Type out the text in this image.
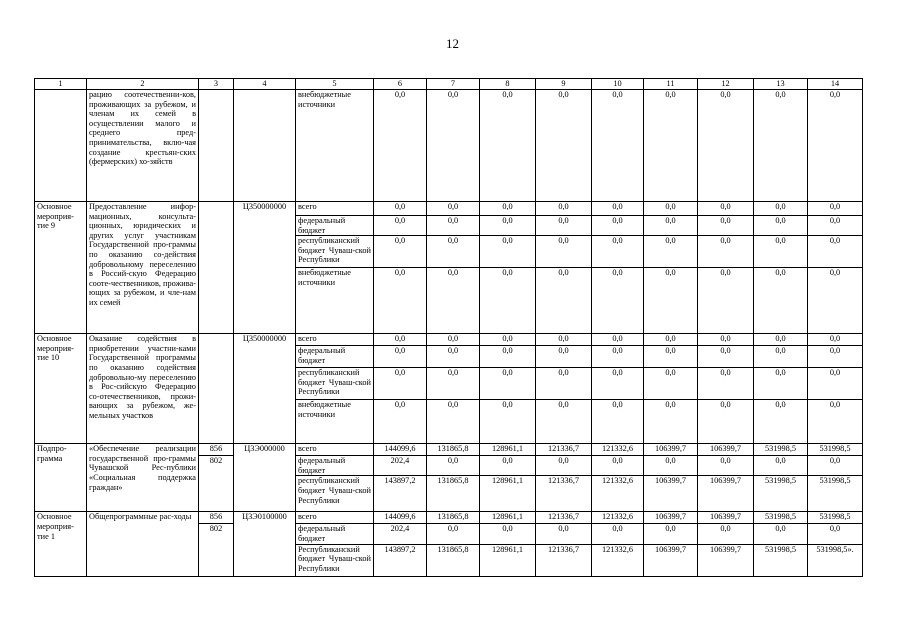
12
1	2	3	4	5	6	7	8	9	10	11	12	13	14
	рацию соотечественни-ков, проживающих за рубежом, и членам их семей в осуществлении малого и среднего пред-принимательства, вклю-чая создание крестьян-ских (фермерских) хо-зяйств			внебюджетные источники	0,0	0,0	0,0	0,0	0,0	0,0	0,0	0,0	0,0
Основное мероприя-тие 9	Предоставление инфор-мационных, консульта-ционных, юридических и других услуг участникам Государственной про-граммы по оказанию со-действия добровольному переселению в Россий-скую Федерацию сооте-чественников, прожива-ющих за рубежом, и чле-нам их семей		Ц350000000	всего	0,0	0,0	0,0	0,0	0,0	0,0	0,0	0,0	0,0
				федеральный бюджет	0,0	0,0	0,0	0,0	0,0	0,0	0,0	0,0	0,0
				республиканский бюджет Чуваш-ской Республики	0,0	0,0	0,0	0,0	0,0	0,0	0,0	0,0	0,0
				внебюджетные источники	0,0	0,0	0,0	0,0	0,0	0,0	0,0	0,0	0,0
Основное мероприя-тие 10	Оказание содействия в приобретении участни-ками Государственной программы по оказанию содействия добровольно-му переселению в Рос-сийскую Федерацию со-отечественников, прожи-вающих за рубежом, же-мельных участков		Ц350000000	всего	0,0	0,0	0,0	0,0	0,0	0,0	0,0	0,0	0,0
				федеральный бюджет	0,0	0,0	0,0	0,0	0,0	0,0	0,0	0,0	0,0
				республиканский бюджет Чуваш-ской Республики	0,0	0,0	0,0	0,0	0,0	0,0	0,0	0,0	0,0
				внебюджетные источники	0,0	0,0	0,0	0,0	0,0	0,0	0,0	0,0	0,0
Подпро-грамма	«Обеспечение реализации государственной про-граммы Чувашской Рес-публики «Социальная поддержка граждан»	856	Ц3Э000000	всего	144099,6	131865,8	128961,1	121336,7	121332,6	106399,7	106399,7	531998,5	531998,5
		802		федеральный бюджет	202,4	0,0	0,0	0,0	0,0	0,0	0,0	0,0	0,0
				республиканский бюджет Чуваш-ской Республики	143897,2	131865,8	128961,1	121336,7	121332,6	106399,7	106399,7	531998,5	531998,5
Основное мероприя-тие 1	Общепрограммные рас-ходы	856	Ц3Э0100000	всего	144099,6	131865,8	128961,1	121336,7	121332,6	106399,7	106399,7	531998,5	531998,5
		802		федеральный бюджет	202,4	0,0	0,0	0,0	0,0	0,0	0,0	0,0	0,0
				Республиканский бюджет Чуваш-ской Республики	143897,2	131865,8	128961,1	121336,7	121332,6	106399,7	106399,7	531998,5	531998,5».
